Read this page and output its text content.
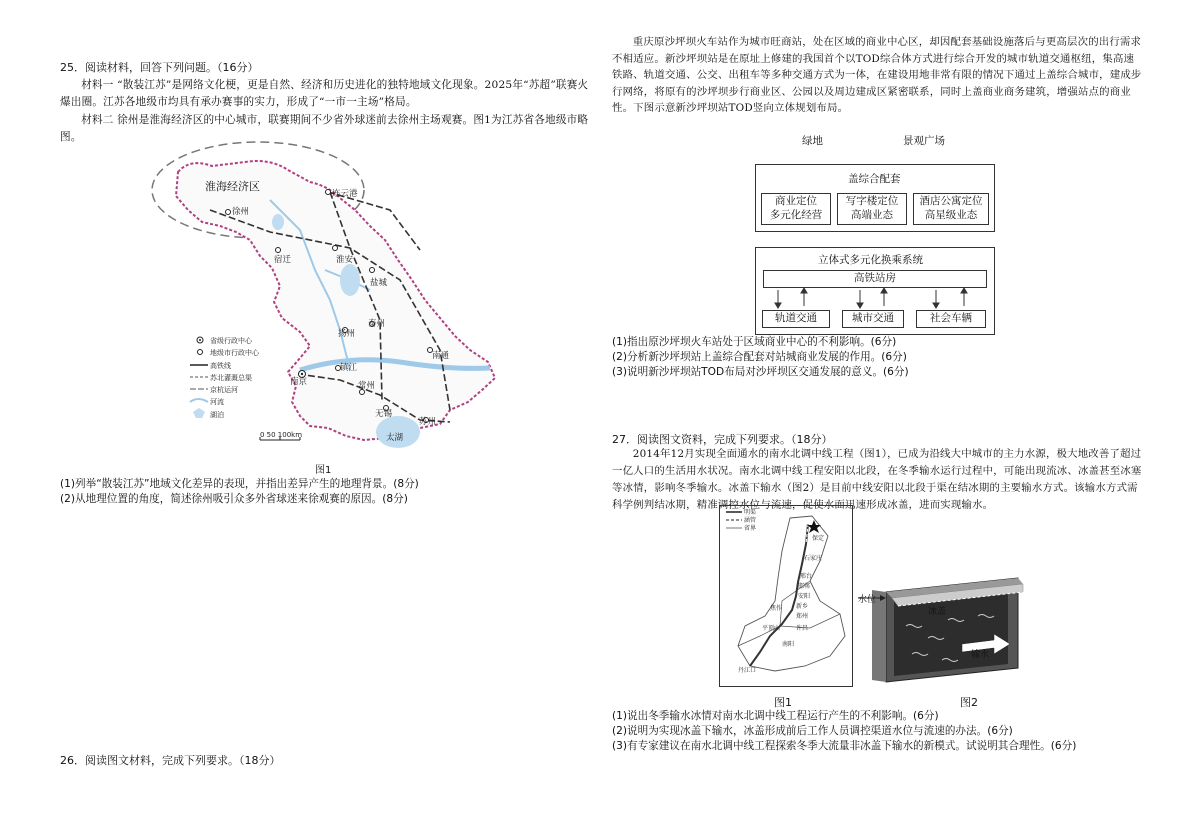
25．阅读材料，回答下列问题。（16分）
材料一 “散装江苏”是网络文化梗，更是自然、经济和历史进化的独特地域文化现象。2025年“苏超”联赛火爆出圈。江苏各地级市均具有承办赛事的实力，形成了“一市一主场”格局。
材料二 徐州是淮海经济区的中心城市，联赛期间不少省外球迷前去徐州主场观赛。图1为江苏省各地级市略图。
淮海经济区
徐州
连云港
宿迁	淮安
盐城
扬州
泰州
南通
南京
镇江
常州
无锡
苏州
太湖
省级行政中心
地级市行政中心
高铁线
苏北灌溉总渠
京杭运河
河流
湖泊
0 50 100km
图1
(1)列举“散装江苏”地域文化差异的表现，并指出差异产生的地理背景。(8分)
(2)从地理位置的角度，简述徐州吸引众多外省球迷来徐观赛的原因。(8分)
26．阅读图文材料，完成下列要求。（18分）
重庆原沙坪坝火车站作为城市旺商站，处在区域的商业中心区，却因配套基础设施落后与更高层次的出行需求不相适应。新沙坪坝站是在原址上修建的我国首个以TOD综合体方式进行综合开发的城市轨道交通枢纽，集高速铁路、轨道交通、公交、出租车等多种交通方式为一体，在建设用地非常有限的情况下通过上盖综合城市，建成步行网络，将原有的沙坪坝步行商业区、公园以及周边建成区紧密联系，同时上盖商业商务建筑，增强站点的商业性。下图示意新沙坪坝站TOD竖向立体规划布局。
绿地	景观广场
盖综合配套
商业定位
多元化经营
写字楼定位
高端业态
酒店公寓定位
高星级业态
立体式多元化换乘系统
高铁站房
轨道交通	城市交通	社会车辆
(1)指出原沙坪坝火车站处于区域商业中心的不利影响。(6分)
(2)分析新沙坪坝站上盖综合配套对站城商业发展的作用。(6分)
(3)说明新沙坪坝站TOD布局对沙坪坝区交通发展的意义。(6分)
27．阅读图文资料，完成下列要求。（18分）
2014年12月实现全面通水的南水北调中线工程（图1），已成为沿线大中城市的主力水源，极大地改善了超过一亿人口的生活用水状况。南水北调中线工程安阳以北段，在冬季输水运行过程中，可能出现流冰、冰盖甚至冰塞等冰情，影响冬季输水。冰盖下输水（图2）是目前中线安阳以北段于渠在结冰期的主要输水方式。该输水方式需科学例判结冰期，精准调控水位与流速，促使水面迅速形成冰盖，进而实现输水。
明渠
涵管
省界
保定
石家庄
邢台
邯郸
安阳
新乡
焦作
郑州
平顶山	许昌
南阳
丹江口
图1
水位
冰盖
输水
图2
(1)说出冬季输水冰情对南水北调中线工程运行产生的不利影响。(6分)
(2)说明为实现冰盖下输水，冰盖形成前后工作人员调控渠道水位与流速的办法。(6分)
(3)有专家建议在南水北调中线工程探索冬季大流量非冰盖下输水的新模式。试说明其合理性。(6分)
